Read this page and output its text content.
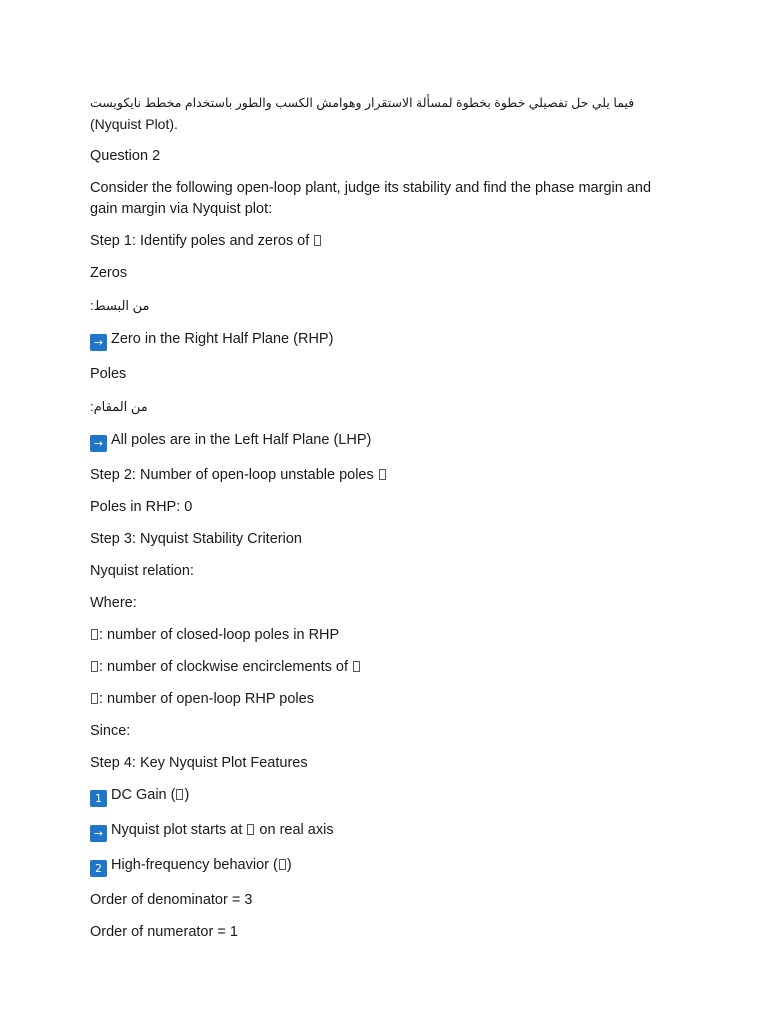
فيما يلي حل تفصيلي خطوة بخطوة لمسألة الاستقرار وهوامش الكسب والطور باستخدام مخطط نايكويست (Nyquist Plot).

Question 2

Consider the following open-loop plant, judge its stability and find the phase margin and gain margin via Nyquist plot:

Step 1: Identify poles and zeros of

Zeros

من البسط:

→ Zero in the Right Half Plane (RHP)

Poles

من المقام:

→ All poles are in the Left Half Plane (LHP)

Step 2: Number of open-loop unstable poles

Poles in RHP: 0

Step 3: Nyquist Stability Criterion

Nyquist relation:

Where:

: number of closed-loop poles in RHP

: number of clockwise encirclements of

: number of open-loop RHP poles

Since:

Step 4: Key Nyquist Plot Features

1 DC Gain ( )

→ Nyquist plot starts at  on real axis

2 High-frequency behavior ( )

Order of denominator = 3

Order of numerator = 1
